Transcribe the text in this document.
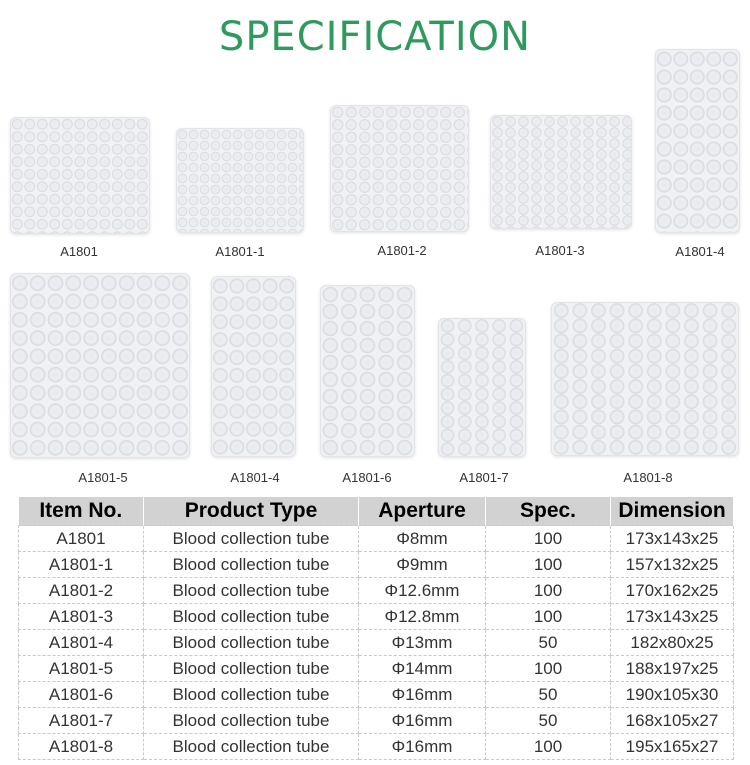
SPECIFICATION
A1801	A1801-1	A1801-2	A1801-3	A1801-4
A1801-5	A1801-4	A1801-6	A1801-7	A1801-8
Item No.	Product Type	Aperture	Spec.	Dimension
A1801	Blood collection tube	Φ8mm	100	173x143x25
A1801-1	Blood collection tube	Φ9mm	100	157x132x25
A1801-2	Blood collection tube	Φ12.6mm	100	170x162x25
A1801-3	Blood collection tube	Φ12.8mm	100	173x143x25
A1801-4	Blood collection tube	Φ13mm	50	182x80x25
A1801-5	Blood collection tube	Φ14mm	100	188x197x25
A1801-6	Blood collection tube	Φ16mm	50	190x105x30
A1801-7	Blood collection tube	Φ16mm	50	168x105x27
A1801-8	Blood collection tube	Φ16mm	100	195x165x27
